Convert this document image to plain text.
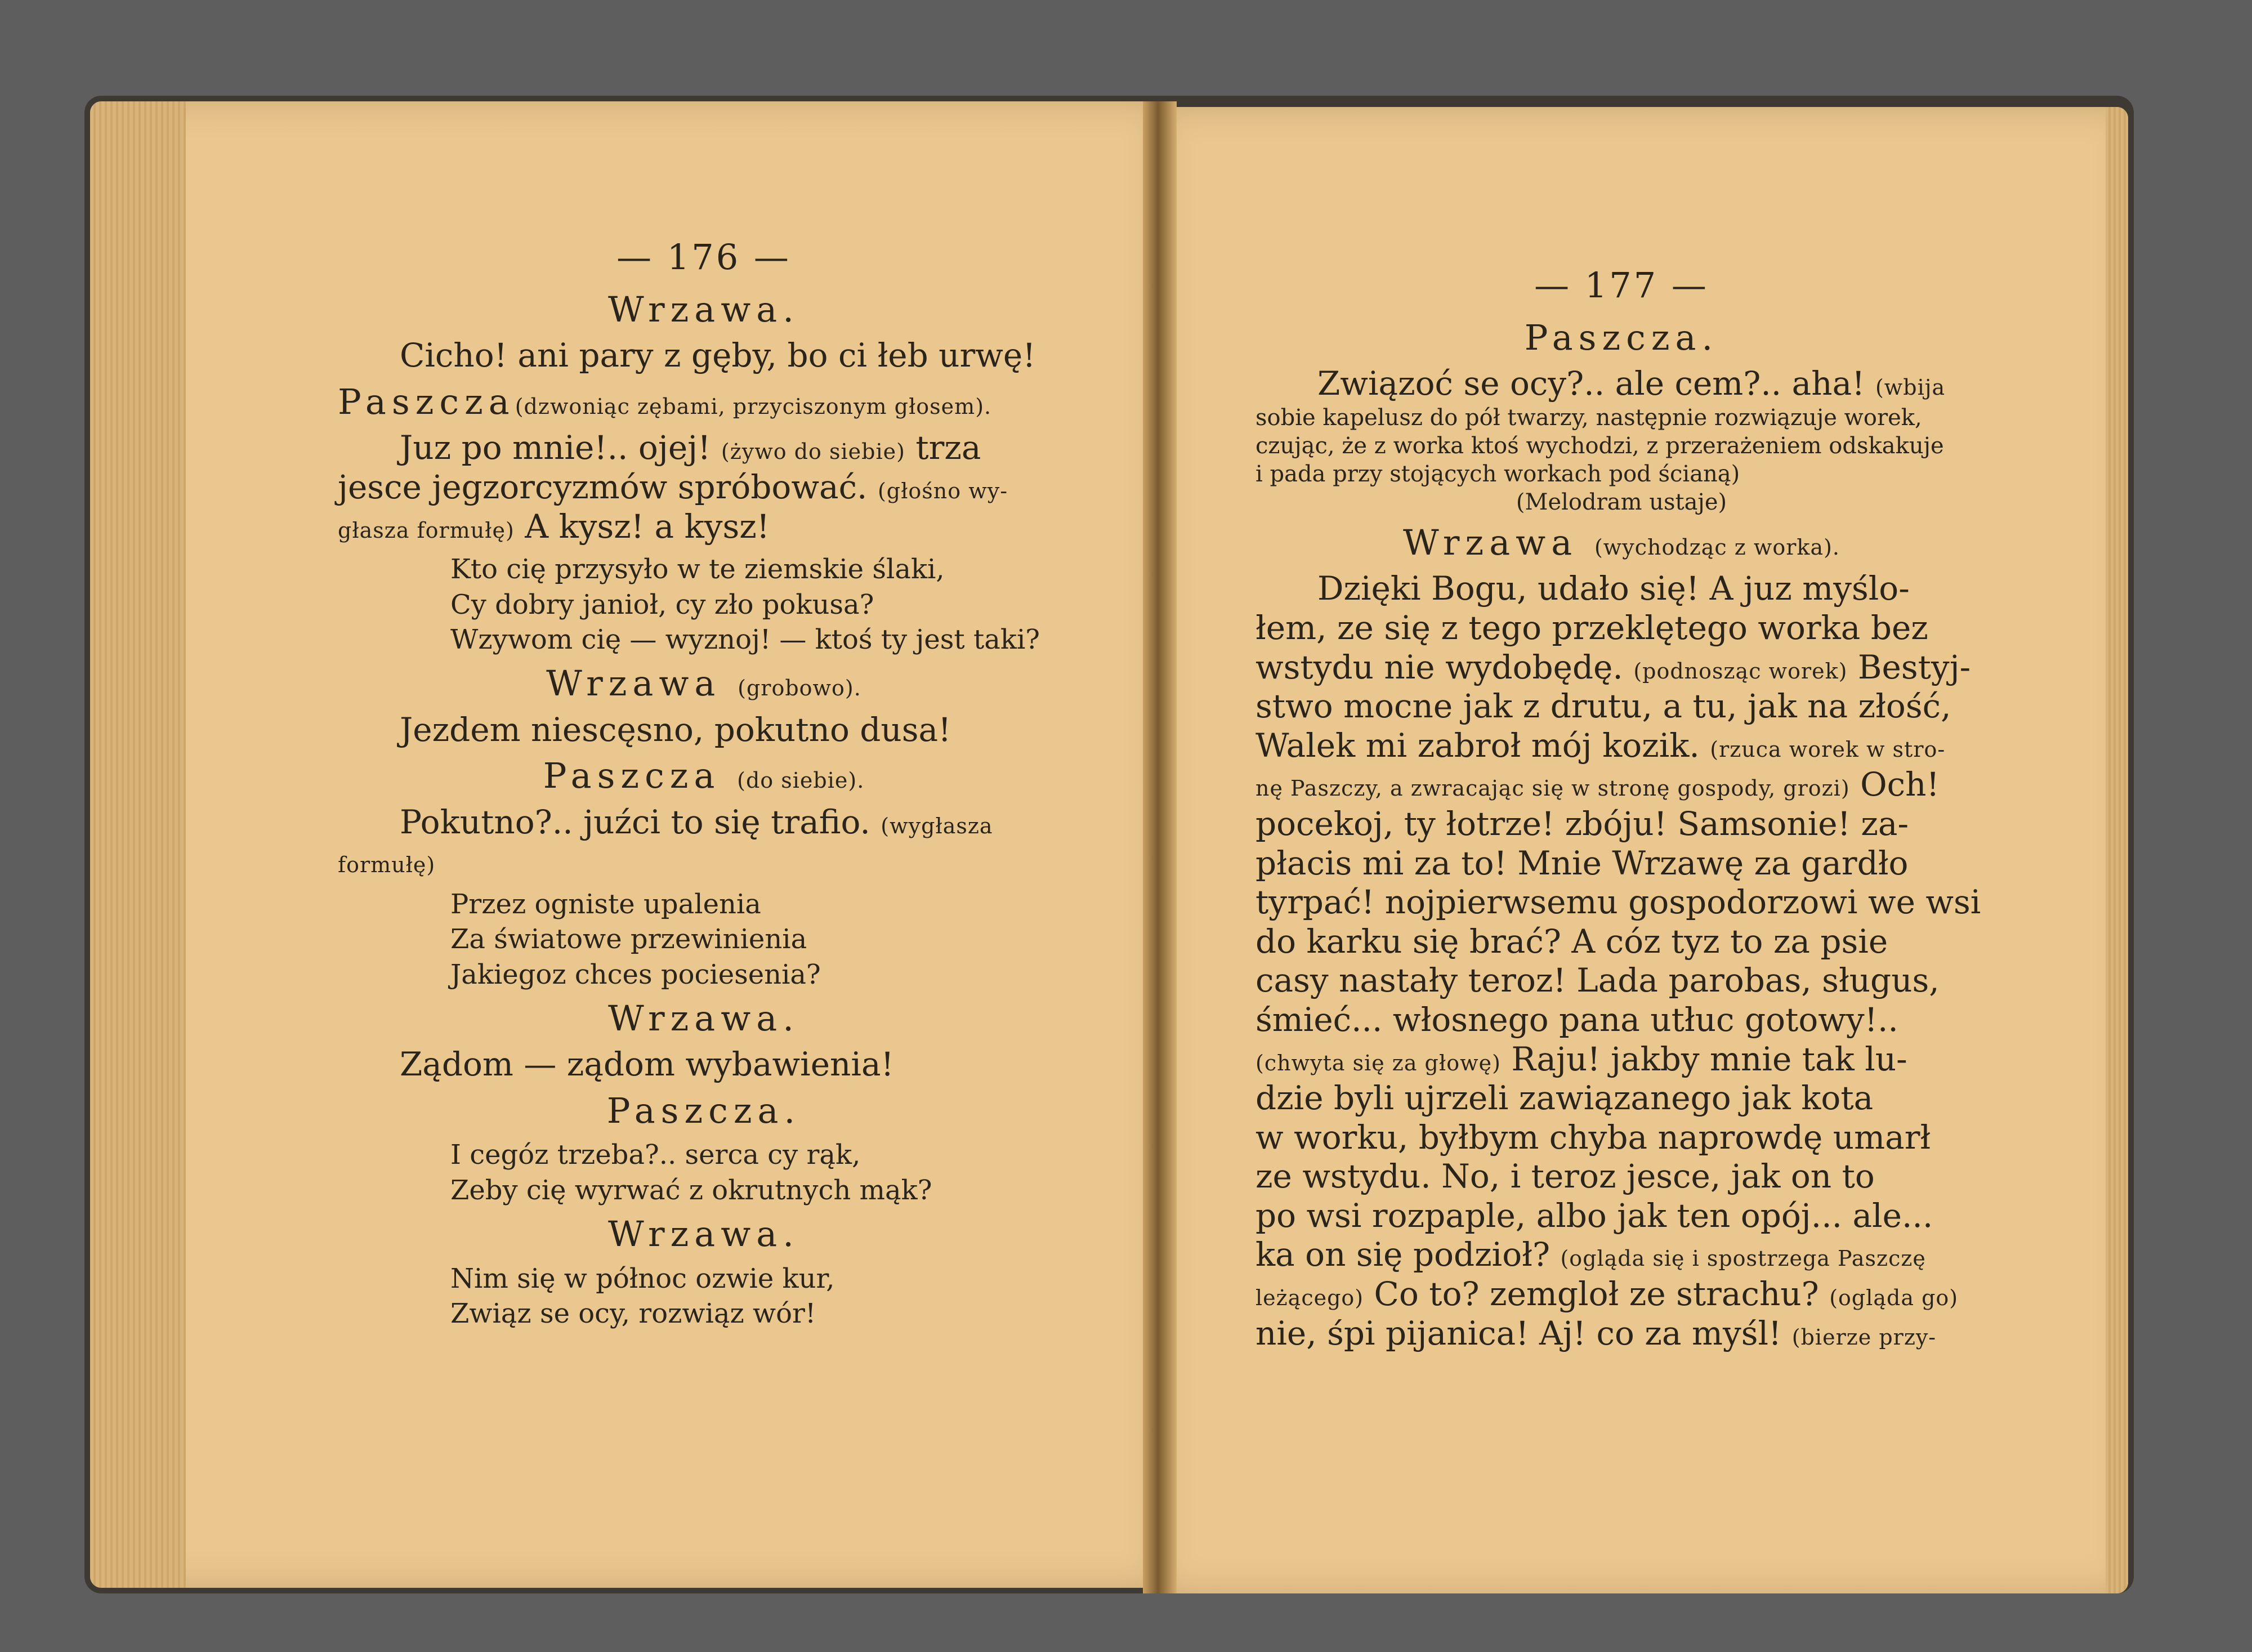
— 176 —
Wrzawa.

Cicho! ani pary z gęby, bo ci łeb urwę!

Paszcza(dzwoniąc zębami, przyciszonym głosem).

Juz po mnie!.. ojej! (żywo do siebie) trza

jesce jegzorcyzmów spróbować. (głośno wy-

głasza formułę) A kysz! a kysz!

Kto cię przysyło w te ziemskie ślaki,
Cy dobry janioł, cy zło pokusa?
Wzywom cię — wyznoj! — ktoś ty jest taki?
Wrzawa (grobowo).

Jezdem niescęsno, pokutno dusa!

Paszcza (do siebie).

Pokutno?.. juźci to się trafio. (wygłasza

formułę)

Przez ogniste upalenia
Za światowe przewinienia
Jakiegoz chces pociesenia?
Wrzawa.

Ządom — ządom wybawienia!

Paszcza.
I cegóz trzeba?.. serca cy rąk,
Zeby cię wyrwać z okrutnych mąk?
Wrzawa.
Nim się w północ ozwie kur,
Związ se ocy, rozwiąz wór!
— 177 —
Paszcza.

Związoć se ocy?.. ale cem?.. aha! (wbija

sobie kapelusz do pół twarzy, następnie rozwiązuje worek,

czując, że z worka ktoś wychodzi, z przerażeniem odskakuje

i pada przy stojących workach pod ścianą)

(Melodram ustaje)

Wrzawa (wychodząc z worka).

Dzięki Bogu, udało się! A juz myślo-

łem, ze się z tego przeklętego worka bez

wstydu nie wydobędę. (podnosząc worek) Bestyj-

stwo mocne jak z drutu, a tu, jak na złość,

Walek mi zabroł mój kozik. (rzuca worek w stro-

nę Paszczy, a zwracając się w stronę gospody, grozi) Och!

pocekoj, ty łotrze! zbóju! Samsonie! za-

płacis mi za to! Mnie Wrzawę za gardło

tyrpać! nojpierwsemu gospodorzowi we wsi

do karku się brać? A cóz tyz to za psie

casy nastały teroz! Lada parobas, sługus,

śmieć... włosnego pana utłuc gotowy!..

(chwyta się za głowę) Raju! jakby mnie tak lu-

dzie byli ujrzeli zawiązanego jak kota

w worku, byłbym chyba naprowdę umarł

ze wstydu. No, i teroz jesce, jak on to

po wsi rozpaple, albo jak ten opój... ale...

ka on się podzioł? (ogląda się i spostrzega Paszczę

leżącego) Co to? zemgloł ze strachu? (ogląda go)

nie, śpi pijanica! Aj! co za myśl! (bierze przy-
